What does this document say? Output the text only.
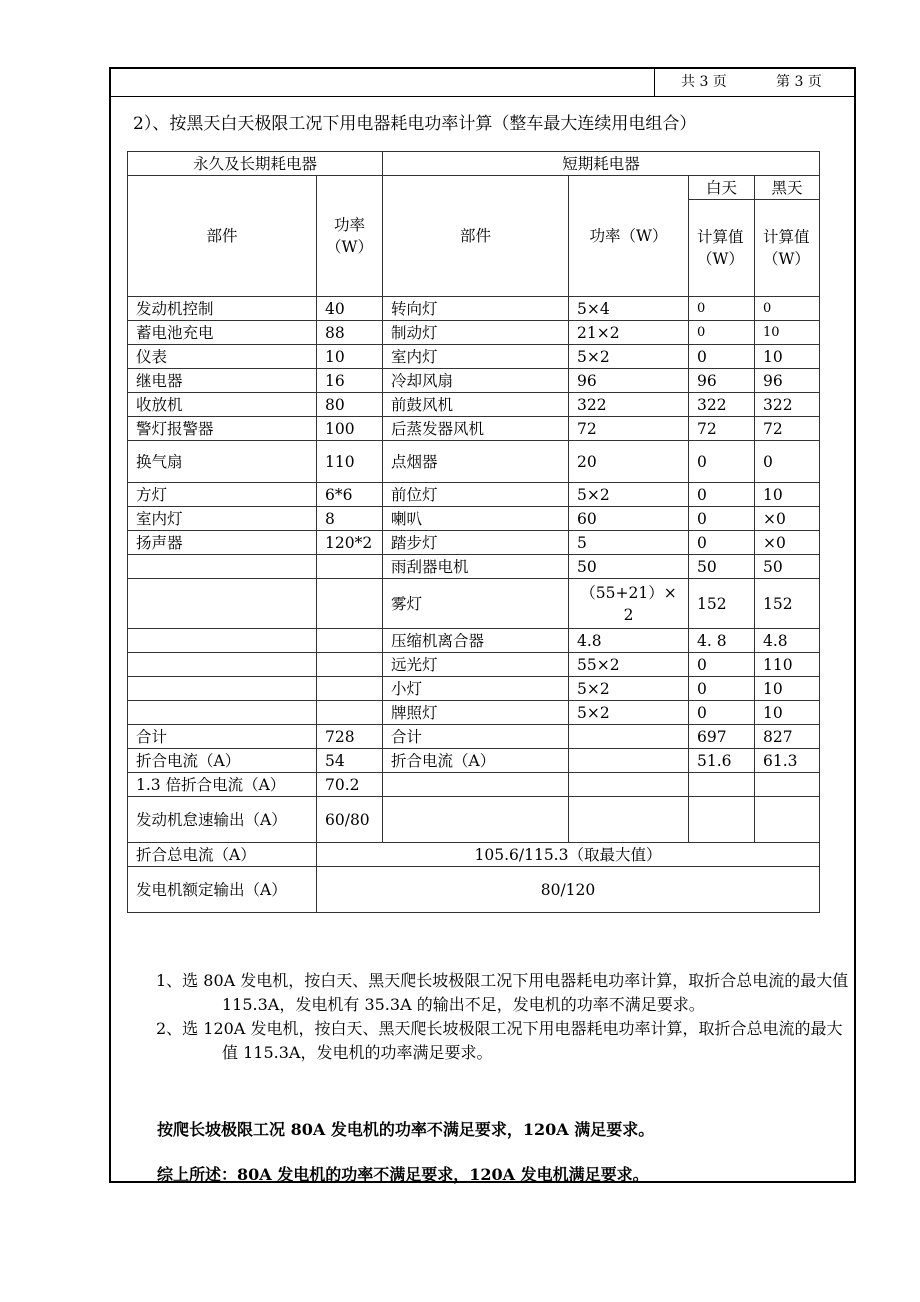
共 3 页	第 3 页
2）、按黑天白天极限工况下用电器耗电功率计算（整车最大连续用电组合）
永久及长期耗电器		短期耗电器			
部件	功率（W）	部件	功率（W）	白天	黑天
				计算值（W）	计算值（W）
发动机控制	40	转向灯	5×4	0	0
蓄电池充电	88	制动灯	21×2	0	10
仪表	10	室内灯	5×2	0	10
继电器	16	冷却风扇	96	96	96
收放机	80	前鼓风机	322	322	322
警灯报警器	100	后蒸发器风机	72	72	72
换气扇	110	点烟器	20	0	0
方灯	6*6	前位灯	5×2	0	10
室内灯	8	喇叭	60	0	×0
扬声器	120*2	踏步灯	5	0	×0
		雨刮器电机	50	50	50
		雾灯	（55+21）×2	152	152
		压缩机离合器	4.8	4. 8	4.8
		远光灯	55×2	0	110
		小灯	5×2	0	10
		牌照灯	5×2	0	10
合计	728	合计		697	827
折合电流（A）	54	折合电流（A）		51.6	61.3
1.3 倍折合电流（A）	70.2				
发动机怠速输出（A）	60/80				
折合总电流（A）	105.6/115.3（取最大值）				
发电机额定输出（A）	80/120				
1、选 80A 发电机，按白天、黑天爬长坡极限工况下用电器耗电功率计算，取折合总电流的最大值 115.3A，发电机有 35.3A 的输出不足，发电机的功率不满足要求。
2、选 120A 发电机，按白天、黑天爬长坡极限工况下用电器耗电功率计算，取折合总电流的最大值 115.3A，发电机的功率满足要求。
按爬长坡极限工况 80A 发电机的功率不满足要求，120A 满足要求。
综上所述：80A 发电机的功率不满足要求，120A 发电机满足要求。
